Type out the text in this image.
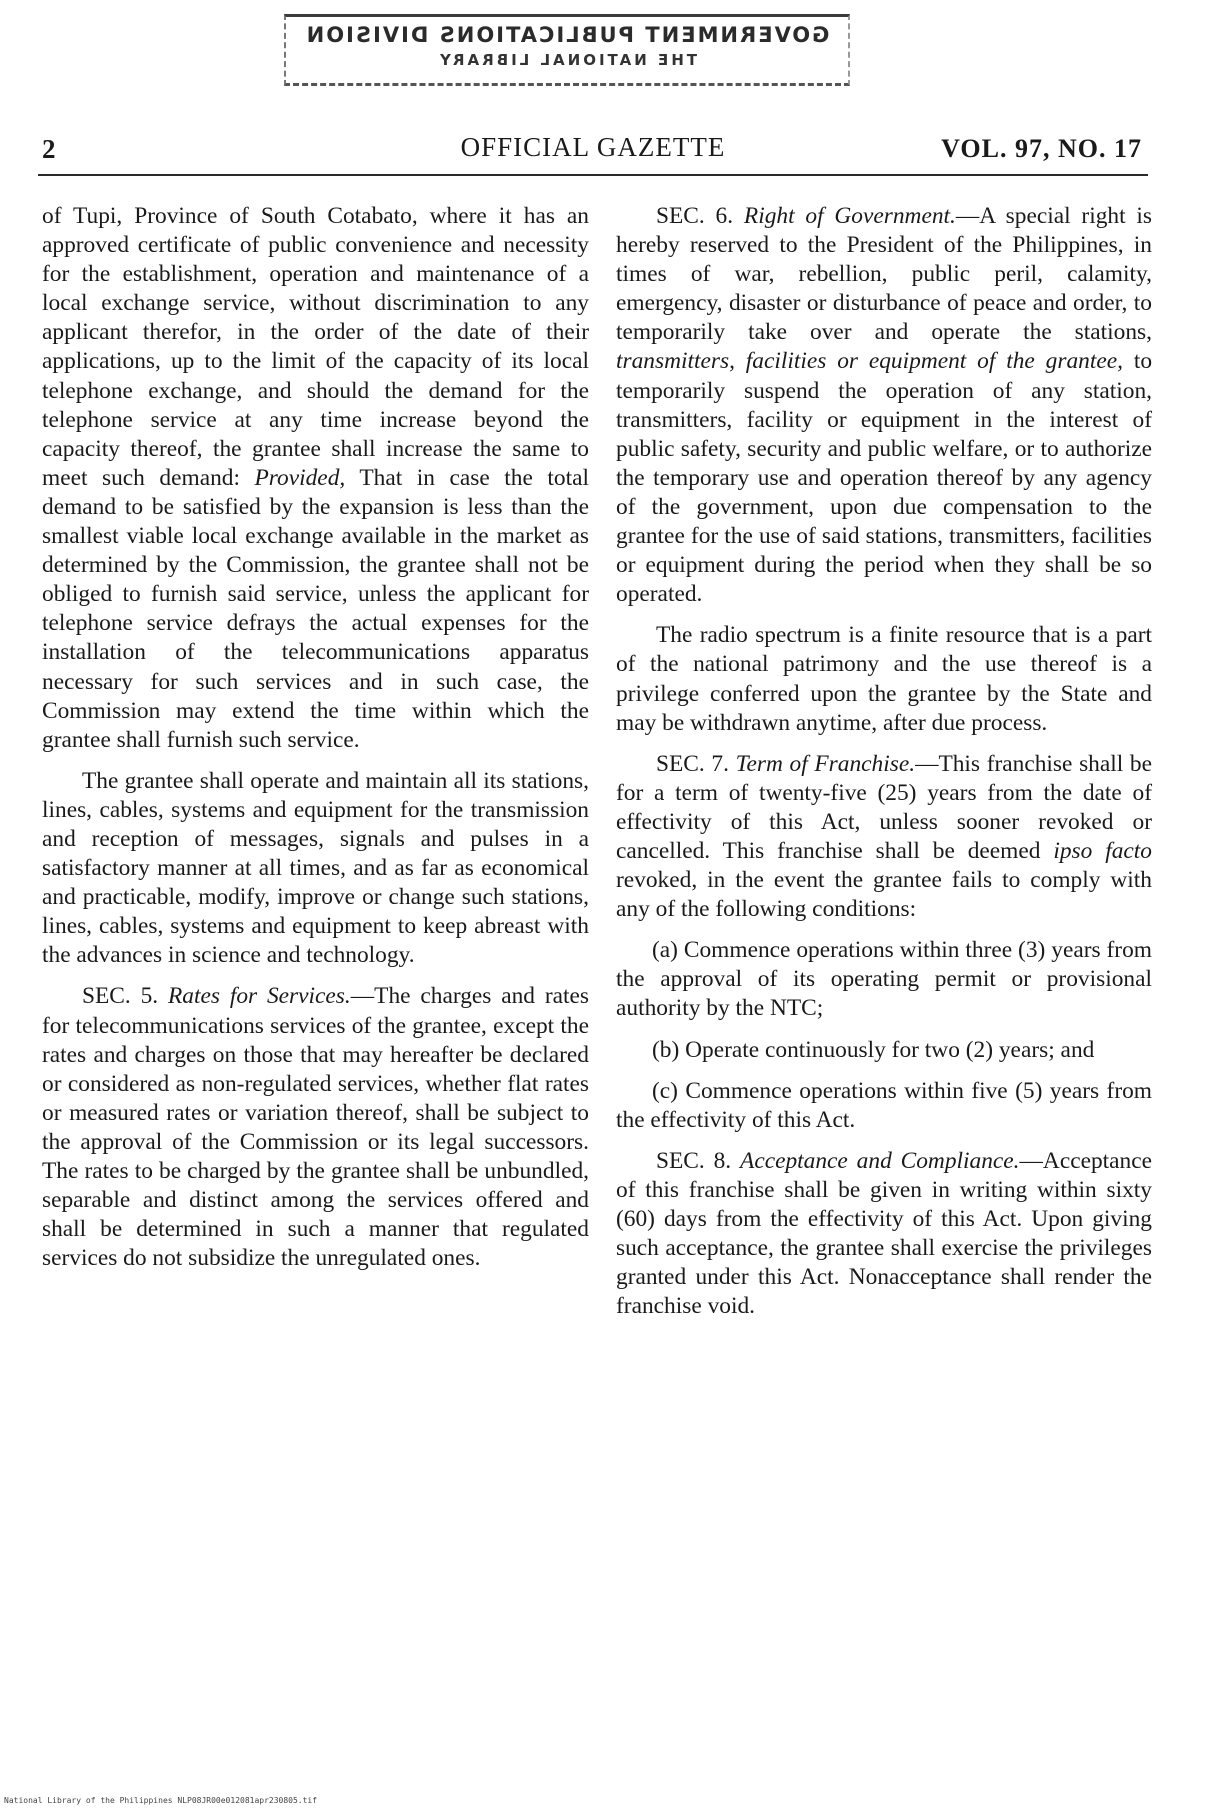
GOVERNMENT PUBLICATIONS DIVISION
THE NATIONAL LIBRARY
2	OFFICIAL GAZETTE	VOL. 97, NO. 17

of Tupi, Province of South Cotabato, where it has an approved certificate of public convenience and necessity for the establishment, operation and maintenance of a local exchange service, without discrimination to any applicant therefor, in the order of the date of their applications, up to the limit of the capacity of its local telephone exchange, and should the demand for the telephone service at any time increase beyond the capacity thereof, the grantee shall increase the same to meet such demand: Provided, That in case the total demand to be satisfied by the expansion is less than the smallest viable local exchange available in the market as determined by the Commission, the grantee shall not be obliged to furnish said service, unless the applicant for telephone service defrays the actual expenses for the installation of the telecommunications apparatus necessary for such services and in such case, the Commission may extend the time within which the grantee shall furnish such service.

The grantee shall operate and maintain all its stations, lines, cables, systems and equipment for the transmission and reception of messages, signals and pulses in a satisfactory manner at all times, and as far as economical and practicable, modify, improve or change such stations, lines, cables, systems and equipment to keep abreast with the advances in science and technology.

SEC. 5. Rates for Services.—The charges and rates for telecommunications services of the grantee, except the rates and charges on those that may hereafter be declared or considered as non-regulated services, whether flat rates or measured rates or variation thereof, shall be subject to the approval of the Commission or its legal successors. The rates to be charged by the grantee shall be unbundled, separable and distinct among the services offered and shall be determined in such a manner that regulated services do not subsidize the unregulated ones.

SEC. 6. Right of Government.—A special right is hereby reserved to the President of the Philippines, in times of war, rebellion, public peril, calamity, emergency, disaster or disturbance of peace and order, to temporarily take over and operate the stations, transmitters, facilities or equipment of the grantee, to temporarily suspend the operation of any station, transmitters, facility or equipment in the interest of public safety, security and public welfare, or to authorize the temporary use and operation thereof by any agency of the government, upon due compensation to the grantee for the use of said stations, transmitters, facilities or equipment during the period when they shall be so operated.

The radio spectrum is a finite resource that is a part of the national patrimony and the use thereof is a privilege conferred upon the grantee by the State and may be withdrawn anytime, after due process.

SEC. 7. Term of Franchise.—This franchise shall be for a term of twenty-five (25) years from the date of effectivity of this Act, unless sooner revoked or cancelled. This franchise shall be deemed ipso facto revoked, in the event the grantee fails to comply with any of the following conditions:

(a) Commence operations within three (3) years from the approval of its operating permit or provisional authority by the NTC;

(b) Operate continuously for two (2) years; and

(c) Commence operations within five (5) years from the effectivity of this Act.

SEC. 8. Acceptance and Compliance.—Acceptance of this franchise shall be given in writing within sixty (60) days from the effectivity of this Act. Upon giving such acceptance, the grantee shall exercise the privileges granted under this Act. Nonacceptance shall render the franchise void.

National Library of the Philippines NLP08JR00e012081apr230805.tif
